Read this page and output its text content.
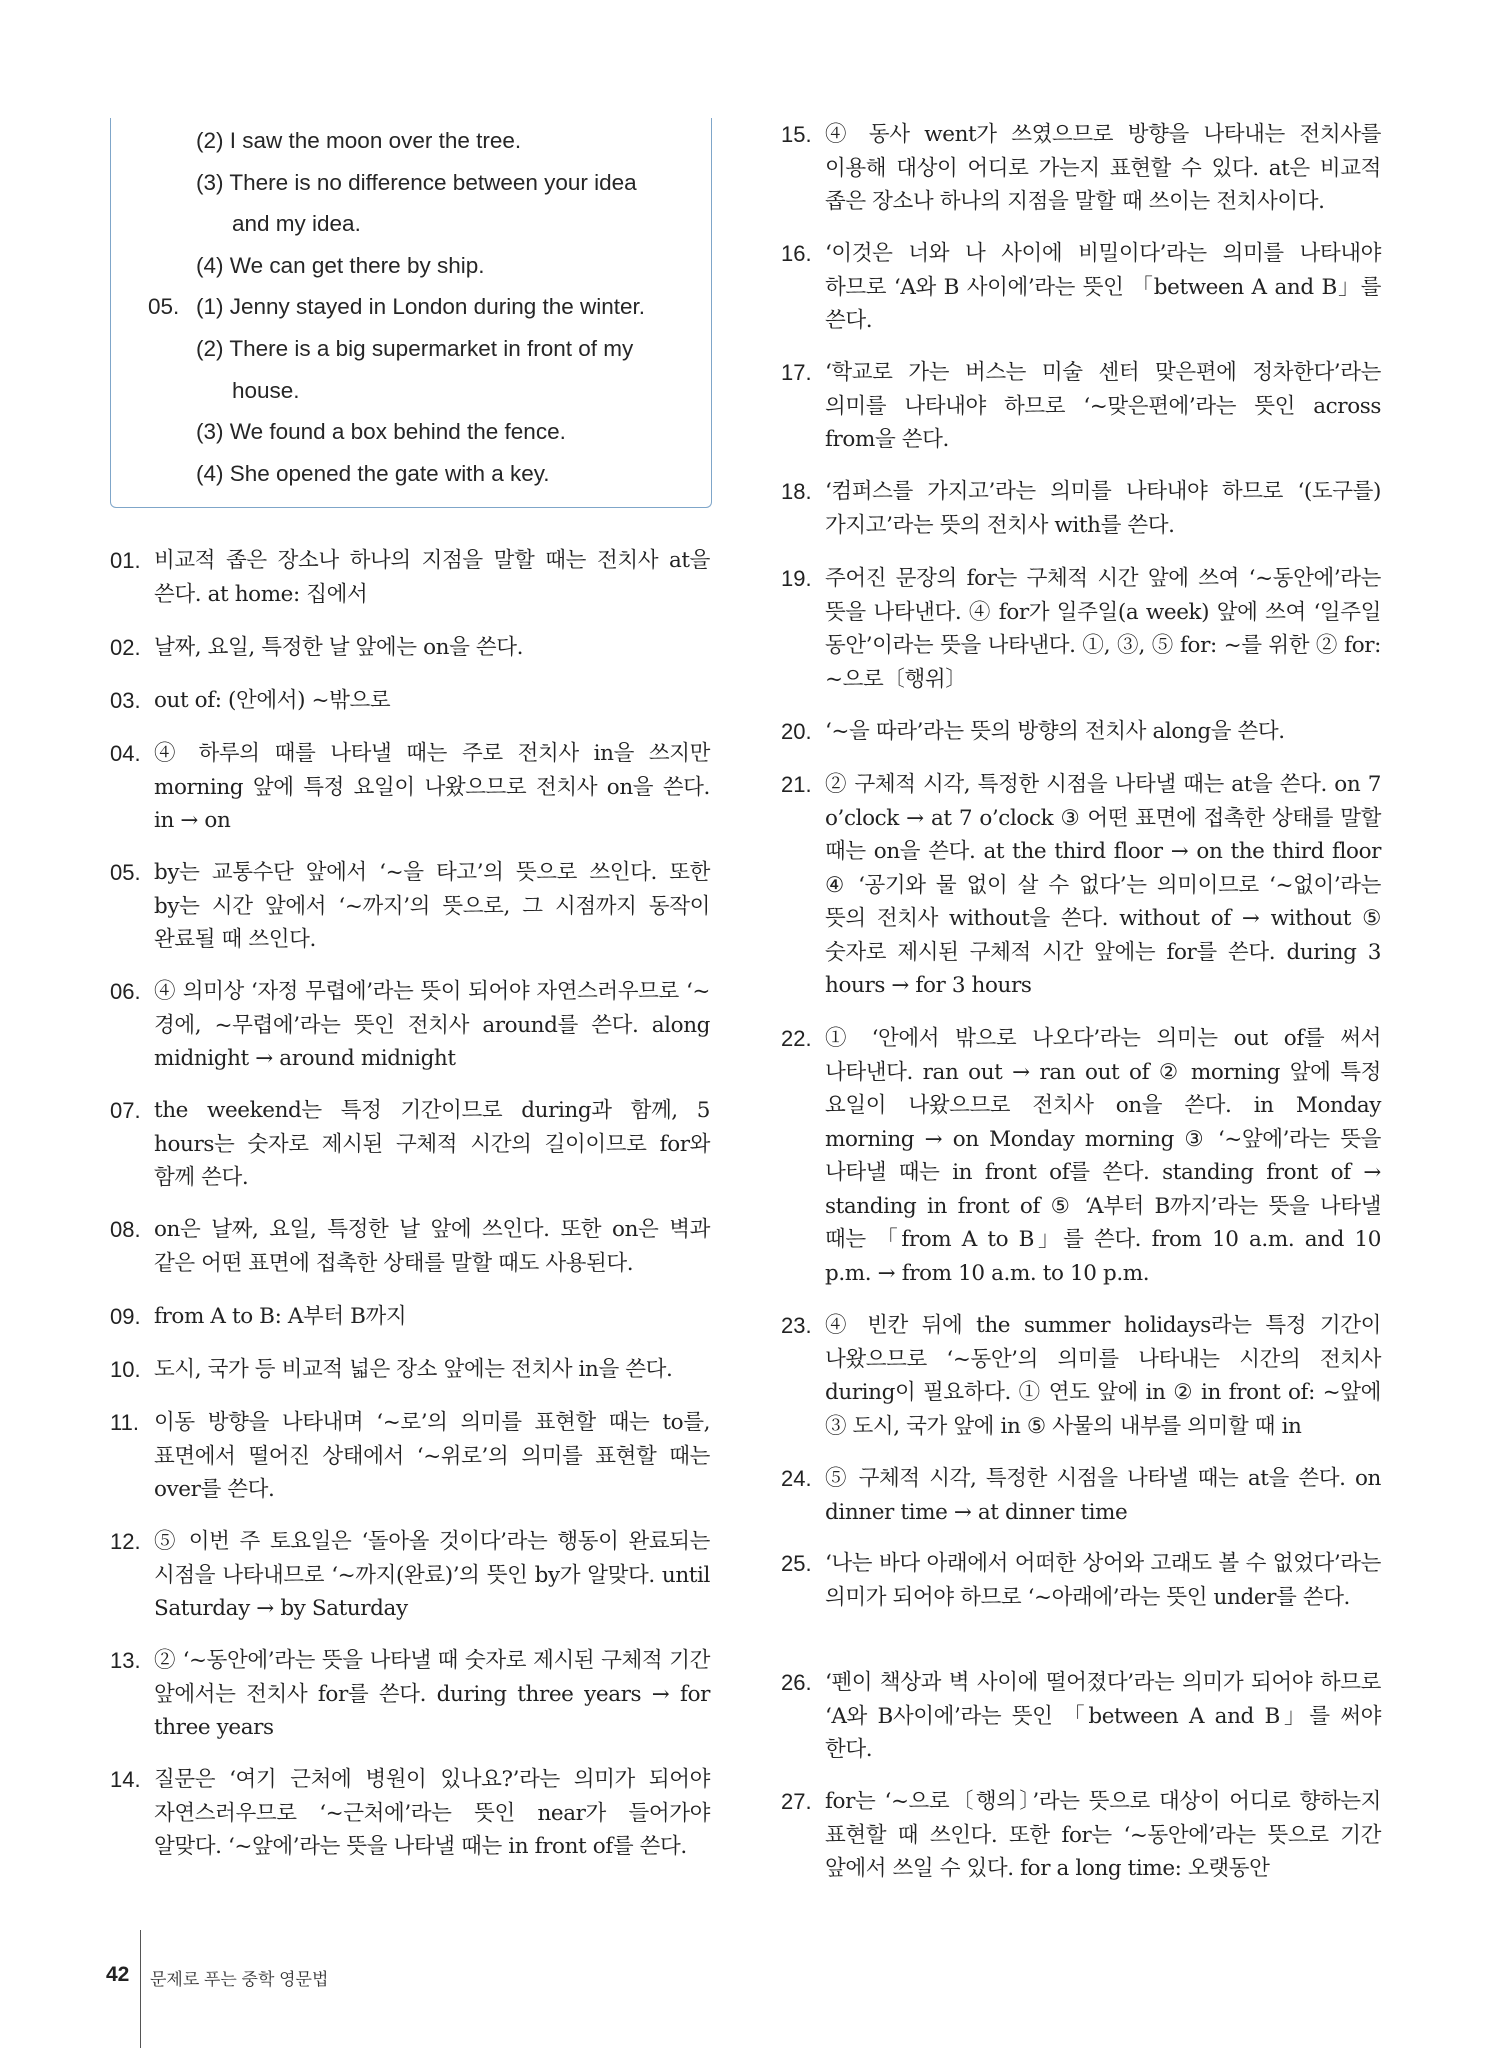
(2) I saw the moon over the tree.
(3) There is no difference between your idea
and my idea.
(4) We can get there by ship.
05. (1) Jenny stayed in London during the winter.
(2) There is a big supermarket in front of my
house.
(3) We found a box behind the fence.
(4) She opened the gate with a key.
01. 비교적 좁은 장소나 하나의 지점을 말할 때는 전치사 at을 쓴다. at home: 집에서
02. 날짜, 요일, 특정한 날 앞에는 on을 쓴다.
03. out of: (안에서) ~밖으로
04. ④ 하루의 때를 나타낼 때는 주로 전치사 in을 쓰지만 morning 앞에 특정 요일이 나왔으므로 전치사 on을 쓴다. in → on
05. by는 교통수단 앞에서 ‘~을 타고’의 뜻으로 쓰인다. 또한 by는 시간 앞에서 ‘~까지’의 뜻으로, 그 시점까지 동작이 완료될 때 쓰인다.
06. ④ 의미상 ‘자정 무렵에’라는 뜻이 되어야 자연스러우므로 ‘~경에, ~무렵에’라는 뜻인 전치사 around를 쓴다. along midnight → around midnight
07. the weekend는 특정 기간이므로 during과 함께, 5 hours는 숫자로 제시된 구체적 시간의 길이이므로 for와 함께 쓴다.
08. on은 날짜, 요일, 특정한 날 앞에 쓰인다. 또한 on은 벽과 같은 어떤 표면에 접촉한 상태를 말할 때도 사용된다.
09. from A to B: A부터 B까지
10. 도시, 국가 등 비교적 넓은 장소 앞에는 전치사 in을 쓴다.
11. 이동 방향을 나타내며 ‘~로’의 의미를 표현할 때는 to를, 표면에서 떨어진 상태에서 ‘~위로’의 의미를 표현할 때는 over를 쓴다.
12. ⑤ 이번 주 토요일은 ‘돌아올 것이다’라는 행동이 완료되는 시점을 나타내므로 ‘~까지(완료)’의 뜻인 by가 알맞다. until Saturday → by Saturday
13. ② ‘~동안에’라는 뜻을 나타낼 때 숫자로 제시된 구체적 기간 앞에서는 전치사 for를 쓴다. during three years → for three years
14. 질문은 ‘여기 근처에 병원이 있나요?’라는 의미가 되어야 자연스러우므로 ‘~근처에’라는 뜻인 near가 들어가야 알맞다. ‘~앞에’라는 뜻을 나타낼 때는 in front of를 쓴다.
15. ④ 동사 went가 쓰였으므로 방향을 나타내는 전치사를 이용해 대상이 어디로 가는지 표현할 수 있다. at은 비교적 좁은 장소나 하나의 지점을 말할 때 쓰이는 전치사이다.
16. ‘이것은 너와 나 사이에 비밀이다’라는 의미를 나타내야 하므로 ‘A와 B 사이에’라는 뜻인 「between A and B」를 쓴다.
17. ‘학교로 가는 버스는 미술 센터 맞은편에 정차한다’라는 의미를 나타내야 하므로 ‘~맞은편에’라는 뜻인 across from을 쓴다.
18. ‘컴퍼스를 가지고’라는 의미를 나타내야 하므로 ‘(도구를) 가지고’라는 뜻의 전치사 with를 쓴다.
19. 주어진 문장의 for는 구체적 시간 앞에 쓰여 ‘~동안에’라는 뜻을 나타낸다. ④ for가 일주일(a week) 앞에 쓰여 ‘일주일 동안’이라는 뜻을 나타낸다. ①, ③, ⑤ for: ~를 위한 ② for: ~으로〔행위〕
20. ‘~을 따라’라는 뜻의 방향의 전치사 along을 쓴다.
21. ② 구체적 시각, 특정한 시점을 나타낼 때는 at을 쓴다. on 7 o’clock → at 7 o’clock ③ 어떤 표면에 접촉한 상태를 말할 때는 on을 쓴다. at the third floor → on the third floor ④ ‘공기와 물 없이 살 수 없다’는 의미이므로 ‘~없이’라는 뜻의 전치사 without을 쓴다. without of → without ⑤ 숫자로 제시된 구체적 시간 앞에는 for를 쓴다. during 3 hours → for 3 hours
22. ① ‘안에서 밖으로 나오다’라는 의미는 out of를 써서 나타낸다. ran out → ran out of ② morning 앞에 특정 요일이 나왔으므로 전치사 on을 쓴다. in Monday morning → on Monday morning ③ ‘~앞에’라는 뜻을 나타낼 때는 in front of를 쓴다. standing front of → standing in front of ⑤ ‘A부터 B까지’라는 뜻을 나타낼 때는 「from A to B」를 쓴다. from 10 a.m. and 10 p.m. → from 10 a.m. to 10 p.m.
23. ④ 빈칸 뒤에 the summer holidays라는 특정 기간이 나왔으므로 ‘~동안’의 의미를 나타내는 시간의 전치사 during이 필요하다. ① 연도 앞에 in ② in front of: ~앞에 ③ 도시, 국가 앞에 in ⑤ 사물의 내부를 의미할 때 in
24. ⑤ 구체적 시각, 특정한 시점을 나타낼 때는 at을 쓴다. on dinner time → at dinner time
25. ‘나는 바다 아래에서 어떠한 상어와 고래도 볼 수 없었다’라는 의미가 되어야 하므로 ‘~아래에’라는 뜻인 under를 쓴다.
26. ‘펜이 책상과 벽 사이에 떨어졌다’라는 의미가 되어야 하므로 ‘A와 B사이에’라는 뜻인 「between A and B」를 써야 한다.
27. for는 ‘~으로〔행의〕’라는 뜻으로 대상이 어디로 향하는지 표현할 때 쓰인다. 또한 for는 ‘~동안에’라는 뜻으로 기간 앞에서 쓰일 수 있다. for a long time: 오랫동안
42 문제로 푸는 중학 영문법
